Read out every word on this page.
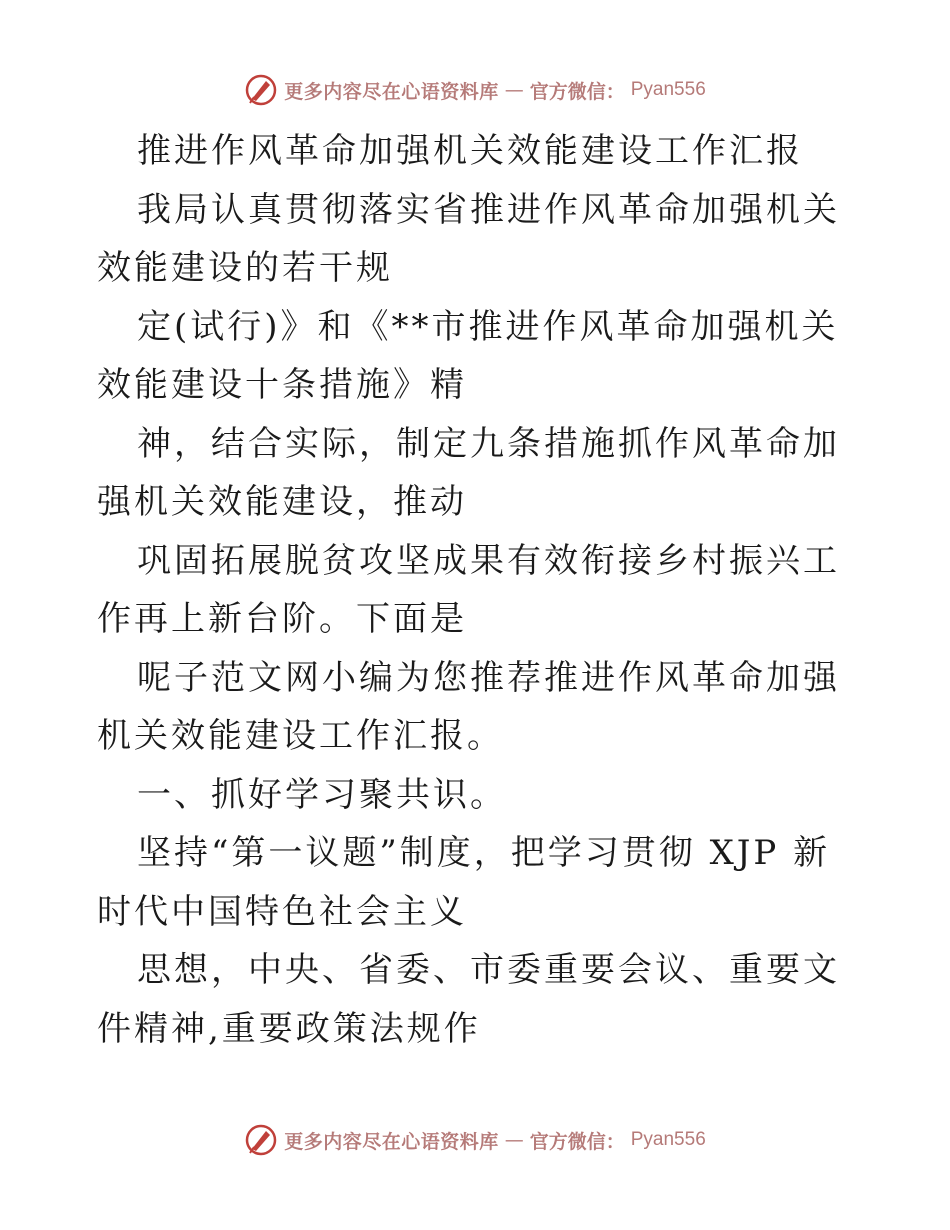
更多内容尽在心语资料库 — 官方微信： Pyan556

推进作风革命加强机关效能建设工作汇报

我局认真贯彻落实省推进作风革命加强机关效能建设的若干规

定(试行)》和《**市推进作风革命加强机关效能建设十条措施》精

神，结合实际，制定九条措施抓作风革命加强机关效能建设，推动

巩固拓展脱贫攻坚成果有效衔接乡村振兴工作再上新台阶。下面是

呢子范文网小编为您推荐推进作风革命加强机关效能建设工作汇报。

一、抓好学习聚共识。

坚持“第一议题”制度，把学习贯彻 XJP 新时代中国特色社会主义

思想，中央、省委、市委重要会议、重要文件精神,重要政策法规作

更多内容尽在心语资料库 — 官方微信： Pyan556
